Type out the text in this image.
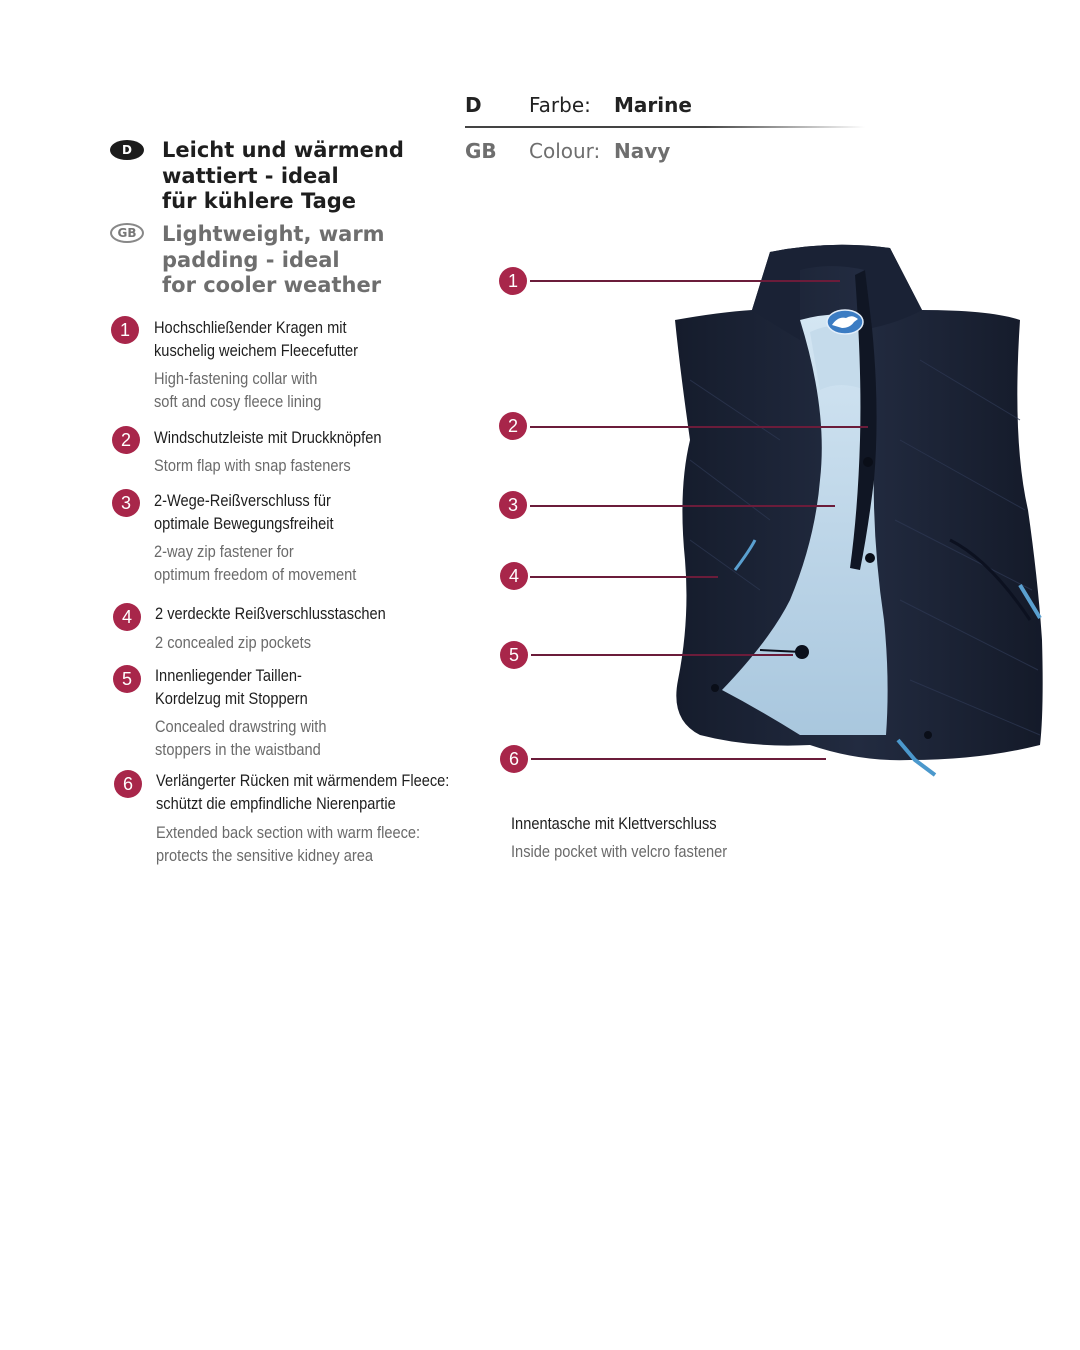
D Farbe: Marine
GB Colour: Navy
D	Leicht und wärmend
wattiert - ideal
für kühlere Tage
GB	Lightweight, warm
padding - ideal
for cooler weather
1	Hochschließender Kragen mit
kuschelig weichem Fleecefutter
High-fastening collar with
soft and cosy fleece lining
2	Windschutzleiste mit Druckknöpfen
Storm flap with snap fasteners
3	2-Wege-Reißverschluss für
optimale Bewegungsfreiheit
2-way zip fastener for
optimum freedom of movement
4	2 verdeckte Reißverschlusstaschen
2 concealed zip pockets
5	Innenliegender Taillen-
Kordelzug mit Stoppern
Concealed drawstring with
stoppers in the waistband
6	Verlängerter Rücken mit wärmendem Fleece:
schützt die empfindliche Nierenpartie
Extended back section with warm fleece:
protects the sensitive kidney area
1
2
3
4
5
6
Innentasche mit Klettverschluss
Inside pocket with velcro fastener
